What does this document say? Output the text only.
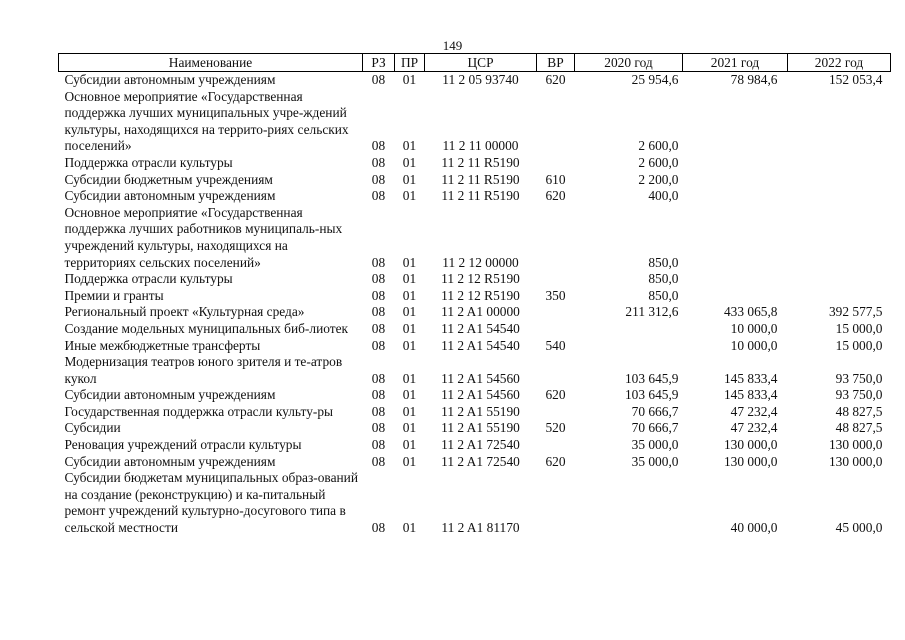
149
Наименование	РЗ	ПР	ЦСР	ВР	2020 год	2021 год	2022 год
Субсидии автономным учреждениям	08	01	11 2 05 93740	620	25 954,6	78 984,6	152 053,4
Основное мероприятие «Государственная поддержка лучших муниципальных учре-ждений культуры, находящихся на террито-риях сельских поселений»	08	01	11 2 11 00000		2 600,0		
Поддержка отрасли культуры	08	01	11 2 11 R5190		2 600,0		
Субсидии бюджетным учреждениям	08	01	11 2 11 R5190	610	2 200,0		
Субсидии автономным учреждениям	08	01	11 2 11 R5190	620	400,0		
Основное мероприятие «Государственная поддержка лучших работников муниципаль-ных учреждений культуры, находящихся на территориях сельских поселений»	08	01	11 2 12 00000		850,0		
Поддержка отрасли культуры	08	01	11 2 12 R5190		850,0		
Премии и гранты	08	01	11 2 12 R5190	350	850,0		
Региональный проект «Культурная среда»	08	01	11 2 A1 00000		211 312,6	433 065,8	392 577,5
Создание модельных муниципальных биб-лиотек	08	01	11 2 A1 54540			10 000,0	15 000,0
Иные межбюджетные трансферты	08	01	11 2 A1 54540	540		10 000,0	15 000,0
Модернизация театров юного зрителя и те-атров кукол	08	01	11 2 A1 54560		103 645,9	145 833,4	93 750,0
Субсидии автономным учреждениям	08	01	11 2 A1 54560	620	103 645,9	145 833,4	93 750,0
Государственная поддержка отрасли культу-ры	08	01	11 2 A1 55190		70 666,7	47 232,4	48 827,5
Субсидии	08	01	11 2 A1 55190	520	70 666,7	47 232,4	48 827,5
Реновация учреждений отрасли культуры	08	01	11 2 A1 72540		35 000,0	130 000,0	130 000,0
Субсидии автономным учреждениям	08	01	11 2 A1 72540	620	35 000,0	130 000,0	130 000,0
Субсидии бюджетам муниципальных образ-ований на создание (реконструкцию) и ка-питальный ремонт учреждений культурно-досугового типа в сельской местности	08	01	11 2 A1 81170			40 000,0	45 000,0
